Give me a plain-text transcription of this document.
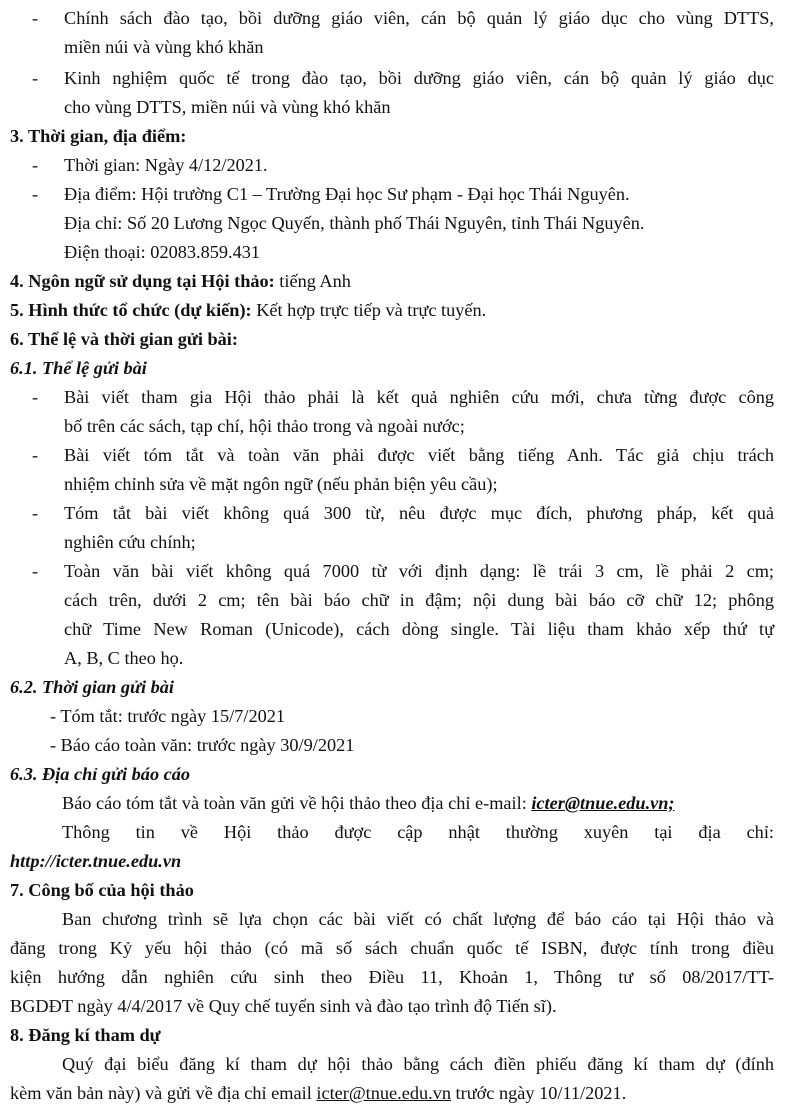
- Chính sách đào tạo, bồi dưỡng giáo viên, cán bộ quản lý giáo dục cho vùng DTTS,
miền núi và vùng khó khăn
- Kinh nghiệm quốc tế trong đào tạo, bồi dưỡng giáo viên, cán bộ quản lý giáo dục
cho vùng DTTS, miền núi và vùng khó khăn
3. Thời gian, địa điểm:
- Thời gian: Ngày 4/12/2021.
- Địa điểm: Hội trường C1 – Trường Đại học Sư phạm - Đại học Thái Nguyên.
Địa chỉ: Số 20 Lương Ngọc Quyến, thành phố Thái Nguyên, tỉnh Thái Nguyên.
Điện thoại: 02083.859.431
4. Ngôn ngữ sử dụng tại Hội thảo: tiếng Anh
5. Hình thức tổ chức (dự kiến): Kết hợp trực tiếp và trực tuyến.
6. Thể lệ và thời gian gửi bài:
6.1. Thể lệ gửi bài
- Bài viết tham gia Hội thảo phải là kết quả nghiên cứu mới, chưa từng được công
bố trên các sách, tạp chí, hội thảo trong và ngoài nước;
- Bài viết tóm tắt và toàn văn phải được viết bằng tiếng Anh. Tác giả chịu trách
nhiệm chỉnh sửa về mặt ngôn ngữ (nếu phản biện yêu cầu);
- Tóm tắt bài viết không quá 300 từ, nêu được mục đích, phương pháp, kết quả
nghiên cứu chính;
- Toàn văn bài viết không quá 7000 từ với định dạng: lề trái 3 cm, lề phải 2 cm;
cách trên, dưới 2 cm; tên bài báo chữ in đậm; nội dung bài báo cỡ chữ 12; phông
chữ Time New Roman (Unicode), cách dòng single. Tài liệu tham khảo xếp thứ tự
A, B, C theo họ.
6.2. Thời gian gửi bài
- Tóm tắt: trước ngày 15/7/2021
- Báo cáo toàn văn: trước ngày 30/9/2021
6.3. Địa chỉ gửi báo cáo
Báo cáo tóm tắt và toàn văn gửi về hội thảo theo địa chỉ e-mail: icter@tnue.edu.vn;
Thông tin về Hội thảo được cập nhật thường xuyên tại địa chỉ:
http://icter.tnue.edu.vn
7. Công bố của hội thảo
Ban chương trình sẽ lựa chọn các bài viết có chất lượng để báo cáo tại Hội thảo và
đăng trong Kỷ yếu hội thảo (có mã số sách chuẩn quốc tế ISBN, được tính trong điều
kiện hướng dẫn nghiên cứu sinh theo Điều 11, Khoản 1, Thông tư số 08/2017/TT-
BGDĐT ngày 4/4/2017 về Quy chế tuyển sinh và đào tạo trình độ Tiến sĩ).
8. Đăng kí tham dự
Quý đại biểu đăng kí tham dự hội thảo bằng cách điền phiếu đăng kí tham dự (đính
kèm văn bản này) và gửi về địa chỉ email icter@tnue.edu.vn trước ngày 10/11/2021.
